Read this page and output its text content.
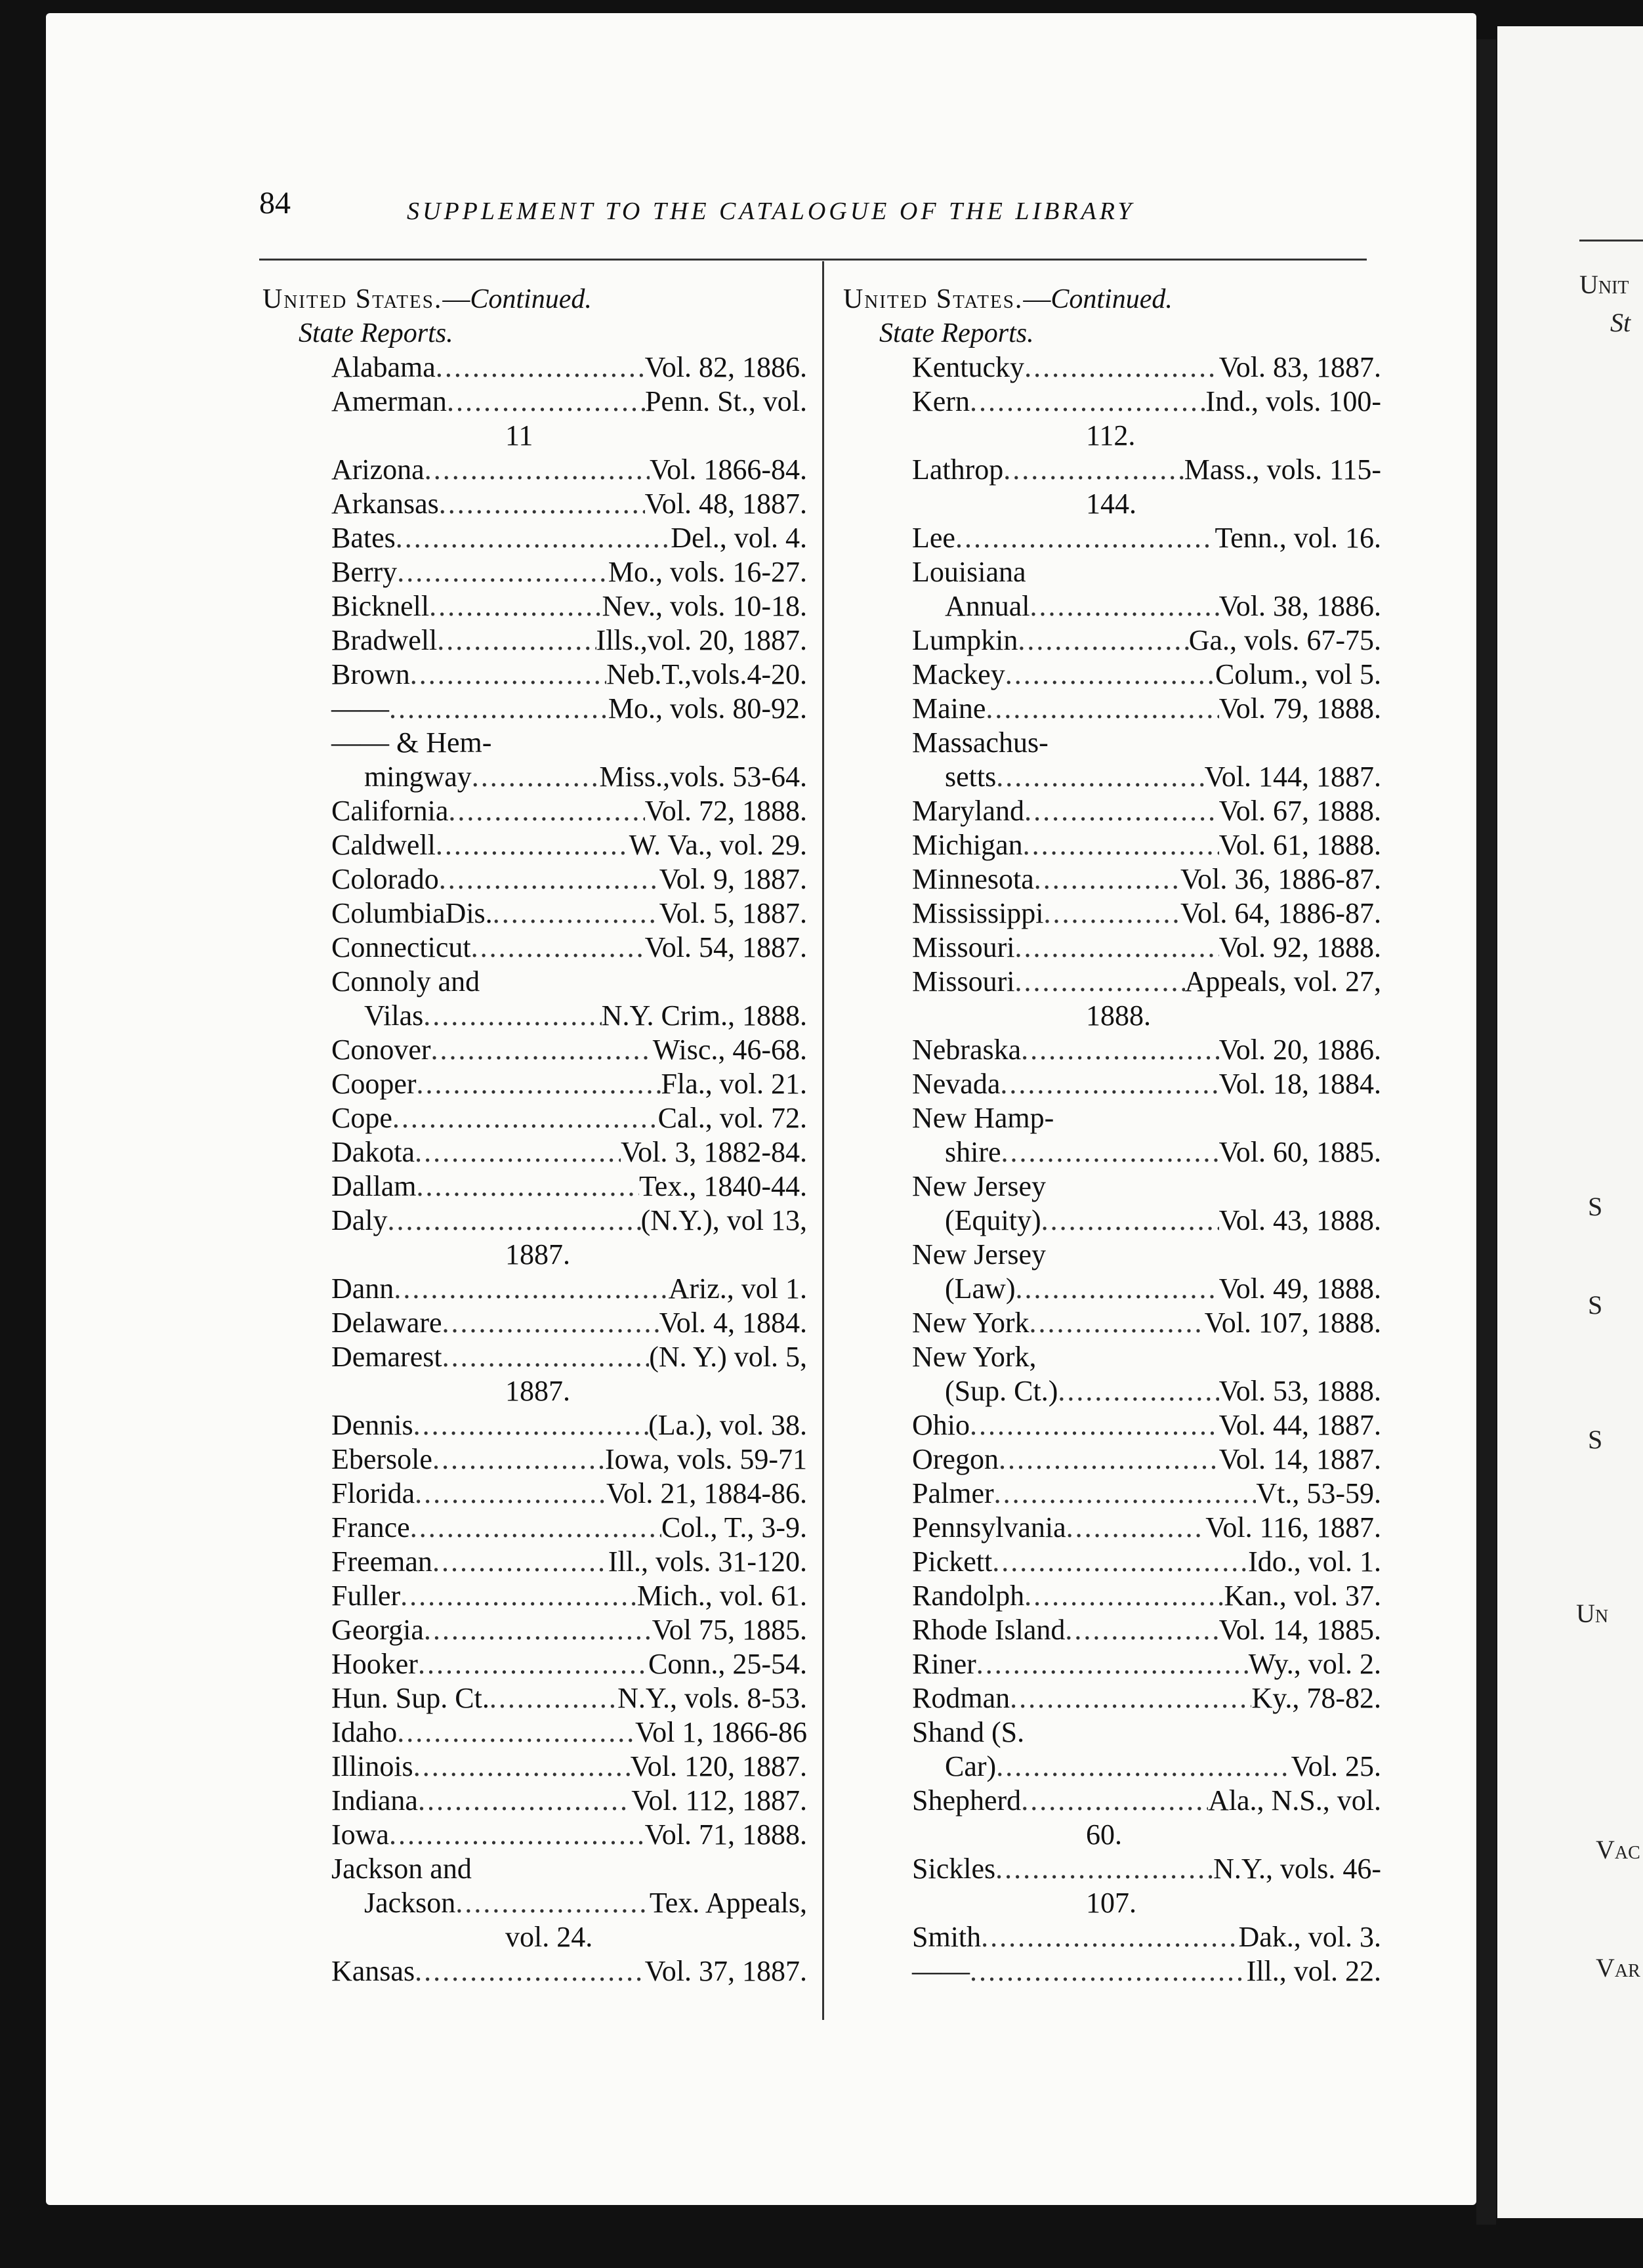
Unit
St
S
S
S
Un
Vac
Var
84	SUPPLEMENT TO THE CATALOGUE OF THE LIBRARY
United States.—Continued.
State Reports.
Alabama .....	Vol. 82, 1886.
Amerman .....	Penn. St., vol.
11
Arizona .....	Vol. 1866-84.
Arkansas .....	Vol. 48, 1887.
Bates .....	Del., vol. 4.
Berry .....	Mo., vols. 16-27.
Bicknell .....	Nev., vols. 10-18.
Bradwell .....	Ills.,vol. 20, 1887.
Brown .....	Neb.T.,vols.4-20.
—— .....	Mo., vols. 80-92.
—— & Hem-
mingway .....	Miss.,vols. 53-64.
California .....	Vol. 72, 1888.
Caldwell .....	W. Va., vol. 29.
Colorado .....	Vol. 9, 1887.
ColumbiaDis. .....	Vol. 5, 1887.
Connecticut .....	Vol. 54, 1887.
Connoly and
Vilas .....	N.Y. Crim., 1888.
Conover .....	Wisc., 46-68.
Cooper .....	Fla., vol. 21.
Cope .....	Cal., vol. 72.
Dakota .....	Vol. 3, 1882-84.
Dallam .....	Tex., 1840-44.
Daly .....	(N.Y.), vol 13,
1887.
Dann .....	Ariz., vol 1.
Delaware .....	Vol. 4, 1884.
Demarest .....	(N. Y.) vol. 5,
1887.
Dennis .....	(La.), vol. 38.
Ebersole .....	Iowa, vols. 59-71
Florida .....	Vol. 21, 1884-86.
France .....	Col., T., 3-9.
Freeman .....	Ill., vols. 31-120.
Fuller .....	Mich., vol. 61.
Georgia .....	Vol 75, 1885.
Hooker .....	Conn., 25-54.
Hun. Sup. Ct. .....	N.Y., vols. 8-53.
Idaho .....	Vol 1, 1866-86
Illinois .....	Vol. 120, 1887.
Indiana .....	Vol. 112, 1887.
Iowa .....	Vol. 71, 1888.
Jackson and
Jackson .....	Tex. Appeals,
vol. 24.
Kansas .....	Vol. 37, 1887.
United States.—Continued.
State Reports.
Kentucky .....	Vol. 83, 1887.
Kern .....	Ind., vols. 100-
112.
Lathrop .....	Mass., vols. 115-
144.
Lee .....	Tenn., vol. 16.
Louisiana
Annual .....	Vol. 38, 1886.
Lumpkin .....	Ga., vols. 67-75.
Mackey .....	Colum., vol 5.
Maine .....	Vol. 79, 1888.
Massachus-
setts .....	Vol. 144, 1887.
Maryland .....	Vol. 67, 1888.
Michigan .....	Vol. 61, 1888.
Minnesota .....	Vol. 36, 1886-87.
Mississippi .....	Vol. 64, 1886-87.
Missouri .....	Vol. 92, 1888.
Missouri .....	Appeals, vol. 27,
1888.
Nebraska .....	Vol. 20, 1886.
Nevada .....	Vol. 18, 1884.
New Hamp-
shire .....	Vol. 60, 1885.
New Jersey
(Equity) .....	Vol. 43, 1888.
New Jersey
(Law) .....	Vol. 49, 1888.
New York .....	Vol. 107, 1888.
New York,
(Sup. Ct.) .....	Vol. 53, 1888.
Ohio .....	Vol. 44, 1887.
Oregon .....	Vol. 14, 1887.
Palmer .....	Vt., 53-59.
Pennsylvania .....	Vol. 116, 1887.
Pickett .....	Ido., vol. 1.
Randolph .....	Kan., vol. 37.
Rhode Island .....	Vol. 14, 1885.
Riner .....	Wy., vol. 2.
Rodman .....	Ky., 78-82.
Shand (S.
Car) .....	Vol. 25.
Shepherd .....	Ala., N.S., vol.
60.
Sickles .....	N.Y., vols. 46-
107.
Smith .....	Dak., vol. 3.
—— .....	Ill., vol. 22.
